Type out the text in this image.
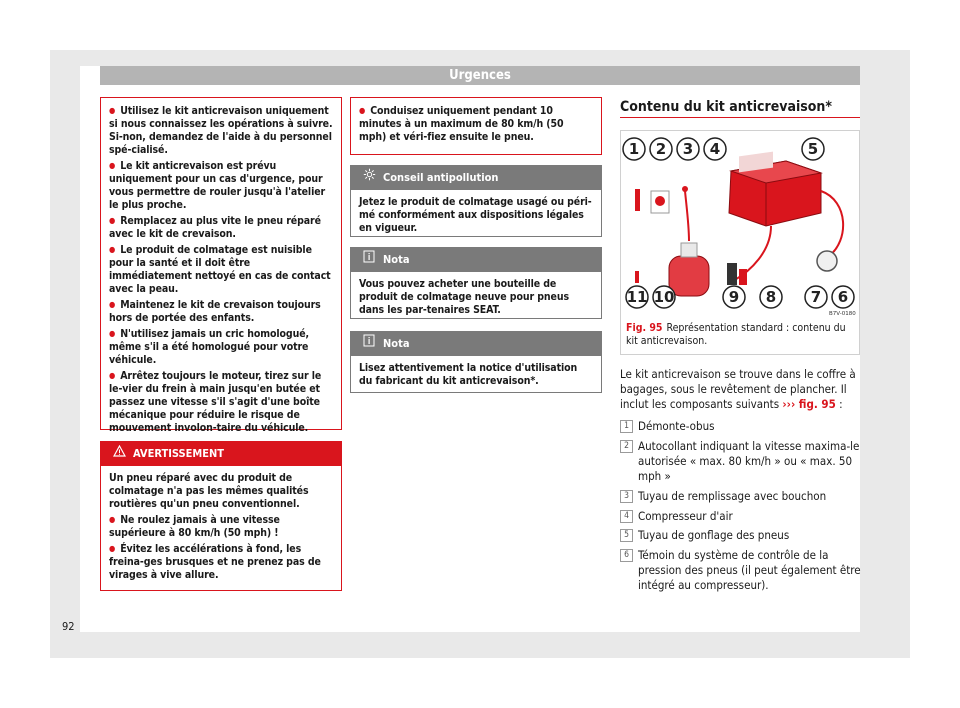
Urgences
● Utilisez le kit anticrevaison uniquement si nous connaissez les opérations à suivre. Si-non, demandez de l'aide à du personnel spé-cialisé.
● Le kit anticrevaison est prévu uniquement pour un cas d'urgence, pour vous permettre de rouler jusqu'à l'atelier le plus proche.
● Remplacez au plus vite le pneu réparé avec le kit de crevaison.
● Le produit de colmatage est nuisible pour la santé et il doit être immédiatement nettoyé en cas de contact avec la peau.
● Maintenez le kit de crevaison toujours hors de portée des enfants.
● N'utilisez jamais un cric homologué, même s'il a été homologué pour votre véhicule.
● Arrêtez toujours le moteur, tirez sur le le-vier du frein à main jusqu'en butée et passez une vitesse s'il s'agit d'une boîte mécanique pour réduire le risque de mouvement involon-taire du véhicule.
AVERTISSEMENT
Un pneu réparé avec du produit de colmatage n'a pas les mêmes qualités routières qu'un pneu conventionnel.
● Ne roulez jamais à une vitesse supérieure à 80 km/h (50 mph) !
● Évitez les accélérations à fond, les freina-ges brusques et ne prenez pas de virages à vive allure.
● Conduisez uniquement pendant 10 minutes à un maximum de 80 km/h (50 mph) et véri-fiez ensuite le pneu.
Conseil antipollution
Jetez le produit de colmatage usagé ou péri-mé conformément aux dispositions légales en vigueur.
Nota
Vous pouvez acheter une bouteille de produit de colmatage neuve pour pneus dans les par-tenaires SEAT.
Nota
Lisez attentivement la notice d'utilisation du fabricant du kit anticrevaison*.
Contenu du kit anticrevaison*
1 2 3 4	5
11 10	9 8 7 6
B7V-0180
Fig. 95 Représentation standard : contenu du kit anticrevaison.
Le kit anticrevaison se trouve dans le coffre à bagages, sous le revêtement de plancher. Il inclut les composants suivants ››› fig. 95 :
1 Démonte-obus
2 Autocollant indiquant la vitesse maxima-le autorisée « max. 80 km/h » ou « max. 50 mph »
3 Tuyau de remplissage avec bouchon
4 Compresseur d'air
5 Tuyau de gonflage des pneus
6 Témoin du système de contrôle de la pression des pneus (il peut également être intégré au compresseur).
92
